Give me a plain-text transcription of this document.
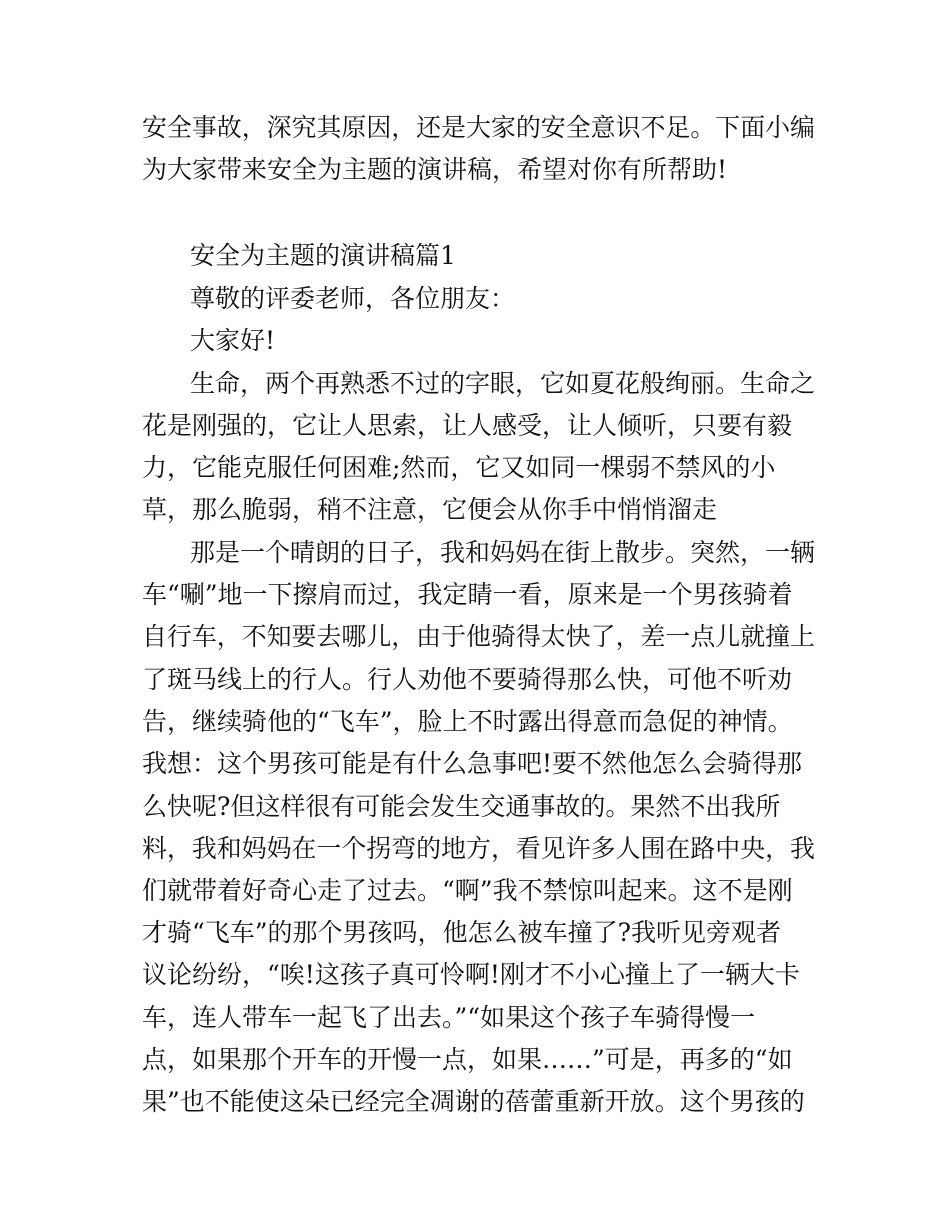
安全事故，深究其原因，还是大家的安全意识不足。下面小编
为大家带来安全为主题的演讲稿，希望对你有所帮助!
安全为主题的演讲稿篇1
尊敬的评委老师，各位朋友：
大家好!
生命，两个再熟悉不过的字眼，它如夏花般绚丽。生命之
花是刚强的，它让人思索，让人感受，让人倾听，只要有毅
力，它能克服任何困难;然而，它又如同一棵弱不禁风的小
草，那么脆弱，稍不注意，它便会从你手中悄悄溜走
那是一个晴朗的日子，我和妈妈在街上散步。突然，一辆
车“唰”地一下擦肩而过，我定睛一看，原来是一个男孩骑着
自行车，不知要去哪儿，由于他骑得太快了，差一点儿就撞上
了斑马线上的行人。行人劝他不要骑得那么快，可他不听劝
告，继续骑他的“飞车”，脸上不时露出得意而急促的神情。
我想：这个男孩可能是有什么急事吧!要不然他怎么会骑得那
么快呢?但这样很有可能会发生交通事故的。果然不出我所
料，我和妈妈在一个拐弯的地方，看见许多人围在路中央，我
们就带着好奇心走了过去。“啊”我不禁惊叫起来。这不是刚
才骑“飞车”的那个男孩吗，他怎么被车撞了?我听见旁观者
议论纷纷，“唉!这孩子真可怜啊!刚才不小心撞上了一辆大卡
车，连人带车一起飞了出去。”“如果这个孩子车骑得慢一
点，如果那个开车的开慢一点，如果……”可是，再多的“如
果”也不能使这朵已经完全凋谢的蓓蕾重新开放。这个男孩的
